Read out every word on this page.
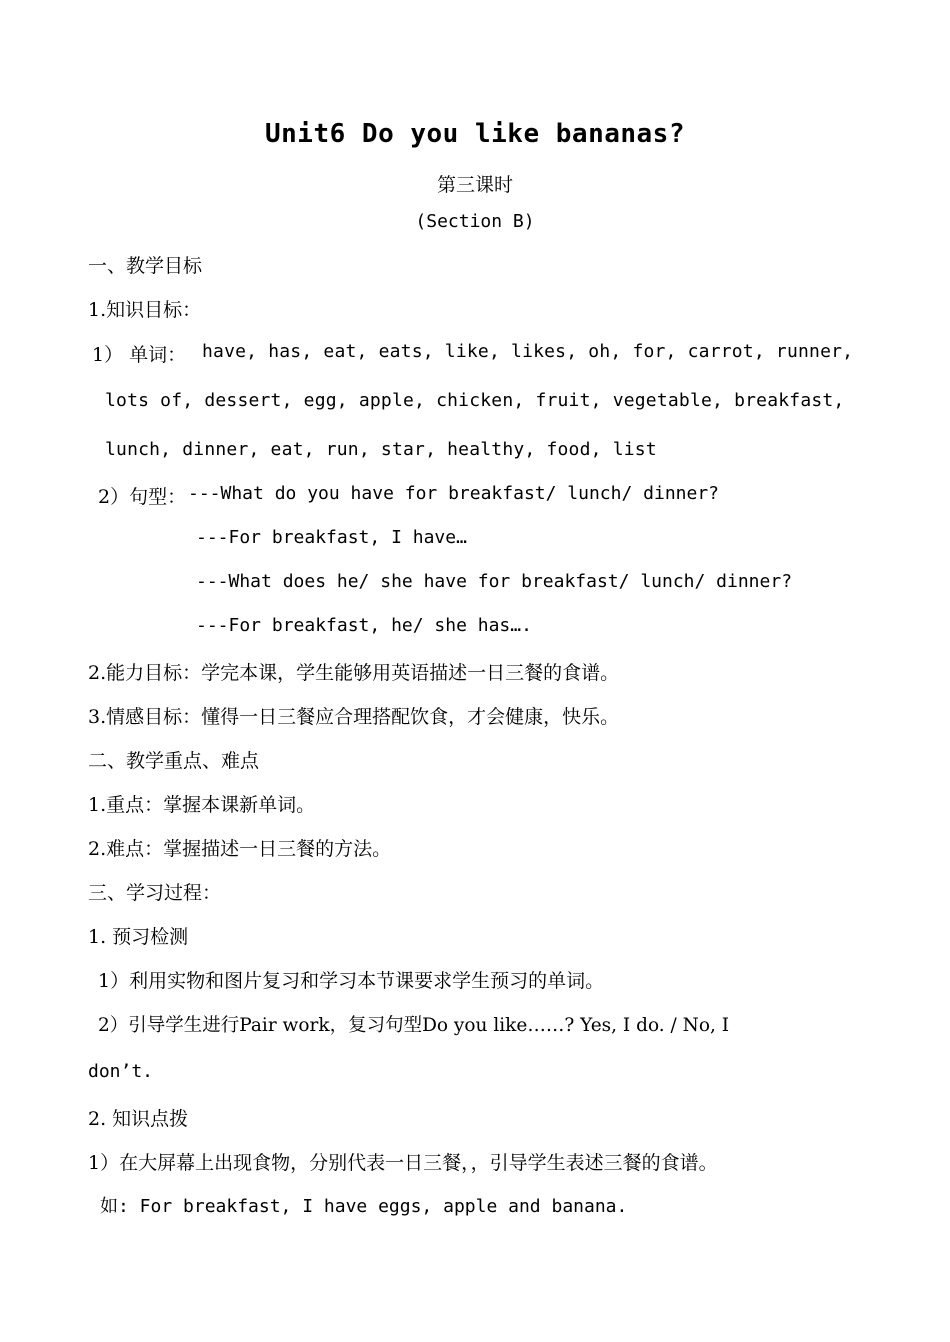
Unit6 Do you like bananas?
第三课时
(Section B)
一、教学目标
1.知识目标：
1） 单词： have, has, eat, eats, like, likes, oh, for, carrot, runner,
lots of, dessert, egg, apple, chicken, fruit, vegetable, breakfast,
lunch, dinner, eat, run, star, healthy, food, list
2）句型： ---What do you have for breakfast/ lunch/ dinner?
---For breakfast, I have…
---What does he/ she have for breakfast/ lunch/ dinner?
---For breakfast, he/ she has….
2.能力目标：学完本课，学生能够用英语描述一日三餐的食谱。
3.情感目标：懂得一日三餐应合理搭配饮食，才会健康，快乐。
二、教学重点、难点
1.重点：掌握本课新单词。
2.难点：掌握描述一日三餐的方法。
三、学习过程：
1. 预习检测
1）利用实物和图片复习和学习本节课要求学生预习的单词。
2）引导学生进行Pair work，复习句型Do you like……? Yes, I do. / No, I
don’t.
2. 知识点拨
1）在大屏幕上出现食物，分别代表一日三餐，，引导学生表述三餐的食谱。
如: For breakfast, I have eggs, apple and banana.
